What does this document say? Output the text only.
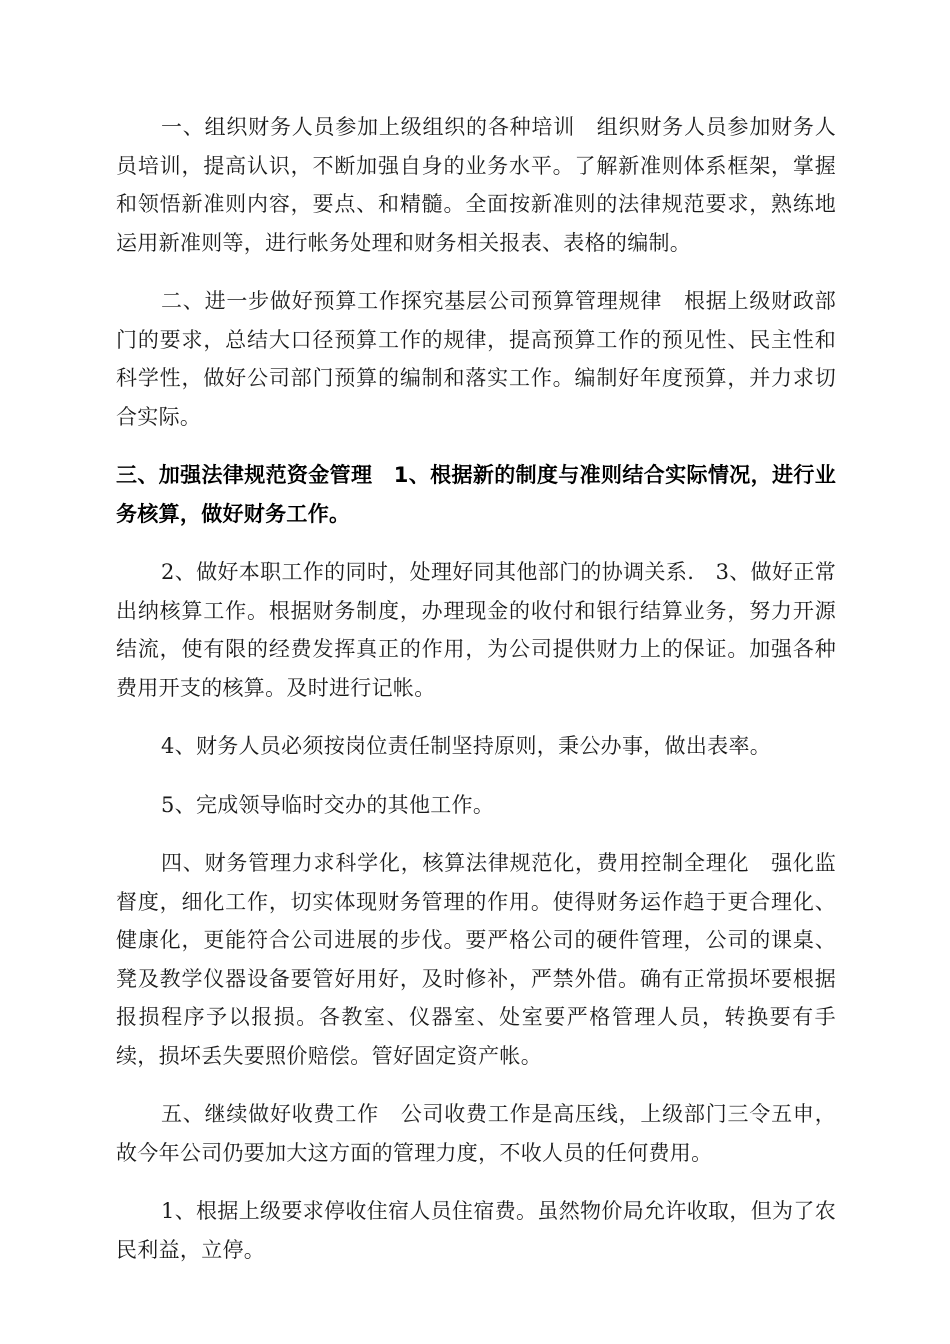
一、组织财务人员参加上级组织的各种培训　组织财务人员参加财务人员培训，提高认识，不断加强自身的业务水平。了解新准则体系框架，掌握和领悟新准则内容，要点、和精髓。全面按新准则的法律规范要求，熟练地运用新准则等，进行帐务处理和财务相关报表、表格的编制。

二、进一步做好预算工作探究基层公司预算管理规律　根据上级财政部门的要求，总结大口径预算工作的规律，提高预算工作的预见性、民主性和科学性，做好公司部门预算的编制和落实工作。编制好年度预算，并力求切合实际。

三、加强法律规范资金管理　1、根据新的制度与准则结合实际情况，进行业务核算，做好财务工作。

2、做好本职工作的同时，处理好同其他部门的协调关系.　3、做好正常出纳核算工作。根据财务制度，办理现金的收付和银行结算业务，努力开源结流，使有限的经费发挥真正的作用，为公司提供财力上的保证。加强各种费用开支的核算。及时进行记帐。

4、财务人员必须按岗位责任制坚持原则，秉公办事，做出表率。

5、完成领导临时交办的其他工作。

四、财务管理力求科学化，核算法律规范化，费用控制全理化　强化监督度，细化工作，切实体现财务管理的作用。使得财务运作趋于更合理化、健康化，更能符合公司进展的步伐。要严格公司的硬件管理，公司的课桌、凳及教学仪器设备要管好用好，及时修补，严禁外借。确有正常损坏要根据报损程序予以报损。各教室、仪器室、处室要严格管理人员，转换要有手续，损坏丢失要照价赔偿。管好固定资产帐。

五、继续做好收费工作　公司收费工作是高压线，上级部门三令五申，故今年公司仍要加大这方面的管理力度，不收人员的任何费用。

1、根据上级要求停收住宿人员住宿费。虽然物价局允许收取，但为了农民利益，立停。
